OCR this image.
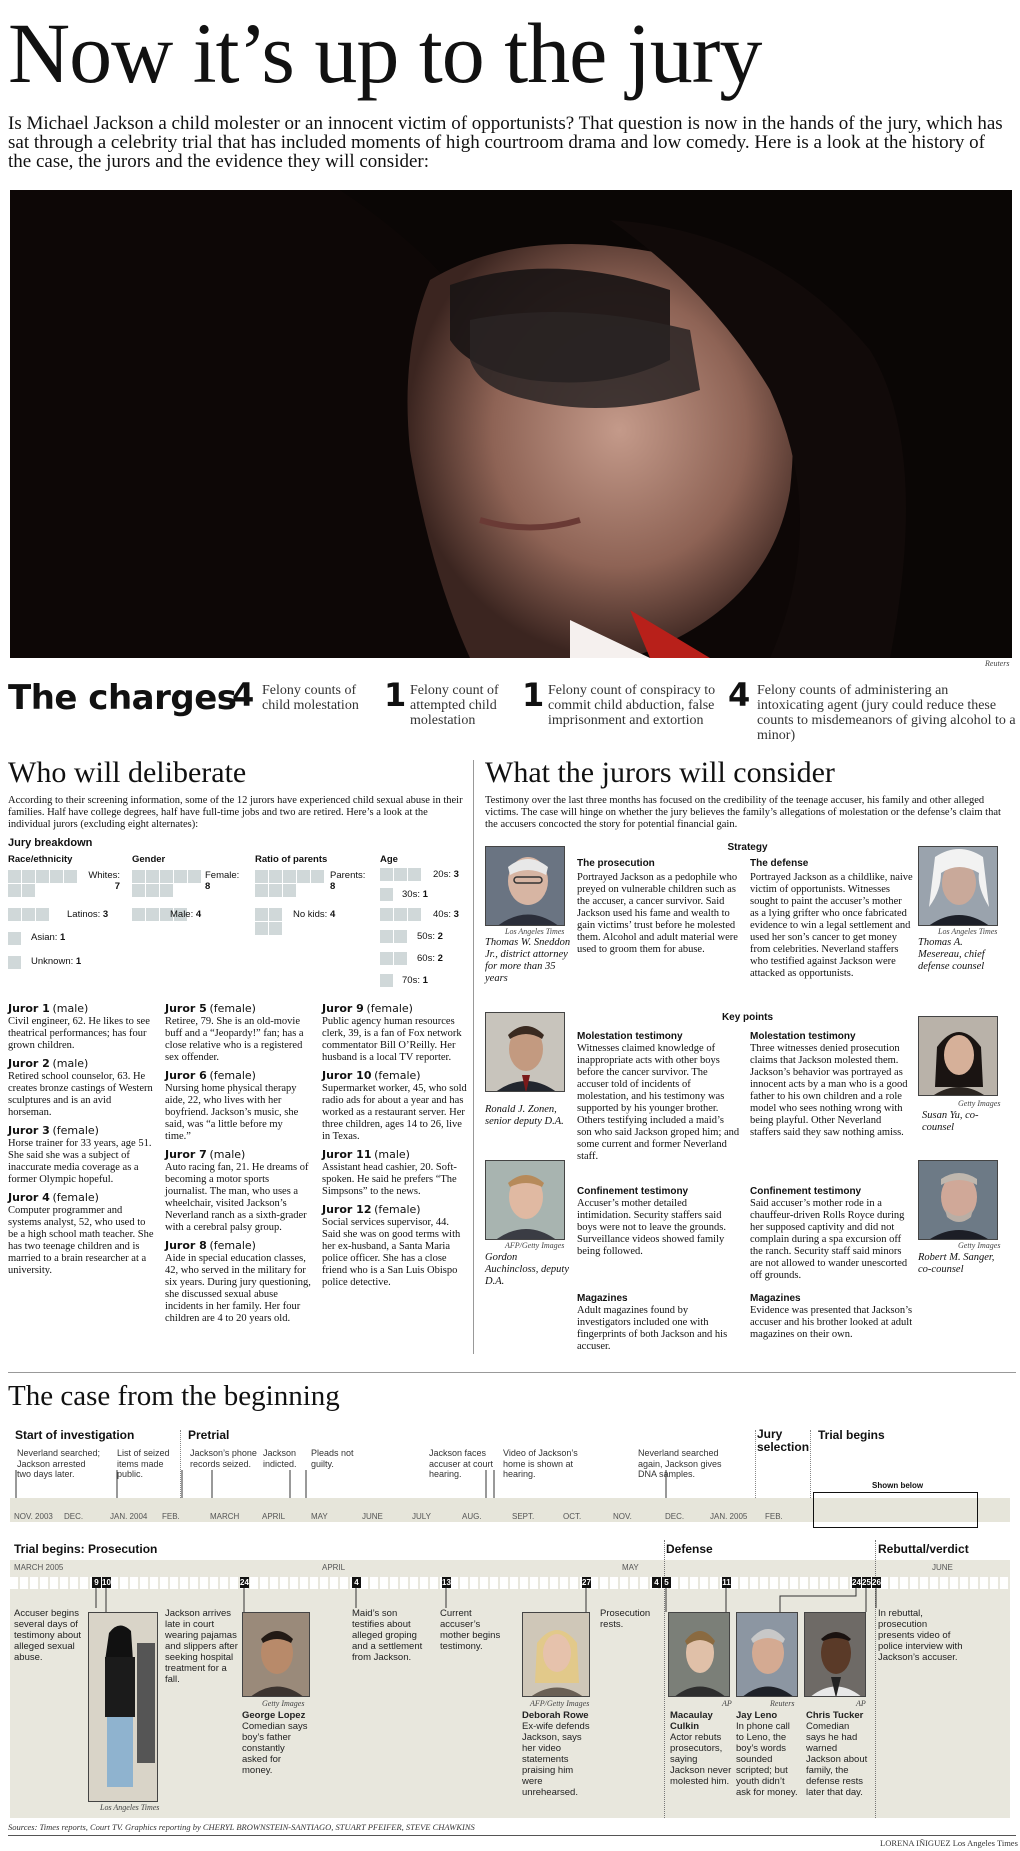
Now it’s up to the jury
Is Michael Jackson a child molester or an innocent victim of opportunists? That question is now in the hands of the jury, which has sat through a celebrity trial that has included moments of high courtroom drama and low comedy. Here is a look at the history of the case, the jurors and the evidence they will consider:
Reuters
The charges
4 Felony counts of child molestation 1 Felony count of attempted child molestation
1 Felony count of conspiracy to commit child abduction, false imprisonment and extortion
4 Felony counts of administering an intoxicating agent (jury could reduce these counts to misdemeanors of giving alcohol to a minor)
Who will deliberate
According to their screening information, some of the 12 jurors have experienced child sexual abuse in their families. Half have college degrees, half have full-time jobs and two are retired. Here’s a look at the individual jurors (excluding eight alternates):
Jury breakdown
Race/ethnicity	Gender	Ratio of parents	Age
Whites:
7
Latinos: 3
Asian: 1
Unknown: 1
Female:
8
Male: 4
Parents:
8
No kids: 4
20s: 3
30s: 1
40s: 3
50s: 2
60s: 2
70s: 1
Juror 1 (male)
Civil engineer, 62. He likes to see theatrical performances; has four grown children.
Juror 2 (male)
Retired school counselor, 63. He creates bronze castings of Western sculptures and is an avid horseman.
Juror 3 (female)
Horse trainer for 33 years, age 51. She said she was a subject of inaccurate media coverage as a former Olympic hopeful.
Juror 4 (female)
Computer programmer and systems analyst, 52, who used to be a high school math teacher. She has two teenage children and is married to a brain researcher at a university.
Juror 5 (female)
Retiree, 79. She is an old-movie buff and a “Jeopardy!” fan; has a close relative who is a registered sex offender.
Juror 6 (female)
Nursing home physical therapy aide, 22, who lives with her boyfriend. Jackson’s music, she said, was “a little before my time.”
Juror 7 (male)
Auto racing fan, 21. He dreams of becoming a motor sports journalist. The man, who uses a wheelchair, visited Jackson’s Neverland ranch as a sixth-grader with a cerebral palsy group.
Juror 8 (female)
Aide in special education classes, 42, who served in the military for six years. During jury questioning, she discussed sexual abuse incidents in her family. Her four children are 4 to 20 years old.
Juror 9 (female)
Public agency human resources clerk, 39, is a fan of Fox network commentator Bill O’Reilly. Her husband is a local TV reporter.
Juror 10 (female)
Supermarket worker, 45, who sold radio ads for about a year and has worked as a restaurant server. Her three children, ages 14 to 26, live in Texas.
Juror 11 (male)
Assistant head cashier, 20. Soft-spoken. He said he prefers “The Simpsons” to the news.
Juror 12 (female)
Social services supervisor, 44. Said she was on good terms with her ex-husband, a Santa Maria police officer. She has a close friend who is a San Luis Obispo police detective.
What the jurors will consider
Testimony over the last three months has focused on the credibility of the teenage accuser, his family and other alleged victims. The case will hinge on whether the jury believes the family’s allegations of molestation or the defense’s claim that the accusers concocted the story for potential financial gain.
Strategy
Los Angeles Times
Thomas W. Sneddon Jr., district attorney for more than 35 years
The prosecution
Portrayed Jackson as a pedophile who preyed on vulnerable children such as the accuser, a cancer survivor. Said Jackson used his fame and wealth to gain victims’ trust before he molested them. Alcohol and adult material were used to groom them for abuse.
The defense
Portrayed Jackson as a childlike, naive victim of opportunists. Witnesses sought to paint the accuser’s mother as a lying grifter who once fabricated evidence to win a legal settlement and used her son’s cancer to get money from celebrities. Neverland staffers who testified against Jackson were attacked as opportunists.
Los Angeles Times
Thomas A. Mesereau, chief defense counsel
Key points
Ronald J. Zonen, senior deputy D.A.
Molestation testimony
Witnesses claimed knowledge of inappropriate acts with other boys before the cancer survivor. The accuser told of incidents of molestation, and his testimony was supported by his younger brother. Others testifying included a maid’s son who said Jackson groped him; and some current and former Neverland staff.
Molestation testimony
Three witnesses denied prosecution claims that Jackson molested them. Jackson’s behavior was portrayed as innocent acts by a man who is a good father to his own children and a role model who sees nothing wrong with being playful. Other Neverland staffers said they saw nothing amiss.
Getty Images
Susan Yu, co-counsel
AFP/Getty Images
Gordon Auchincloss, deputy D.A.
Confinement testimony
Accuser’s mother detailed intimidation. Security staffers said boys were not to leave the grounds. Surveillance videos showed family being followed.
Confinement testimony
Said accuser’s mother rode in a chauffeur-driven Rolls Royce during her supposed captivity and did not complain during a spa excursion off the ranch. Security staff said minors are not allowed to wander unescorted off grounds.
Getty Images
Robert M. Sanger, co-counsel
Magazines
Adult magazines found by investigators included one with fingerprints of both Jackson and his accuser.
Magazines
Evidence was presented that Jackson’s accuser and his brother looked at adult magazines on their own.
The case from the beginning
Start of investigation	Pretrial	Jury selection
Trial begins
Neverland searched; Jackson arrested two days later.
List of seized items made public.
Jackson’s phone records seized.
Jackson indicted.
Pleads not guilty.
Jackson faces accuser at court hearing.
Video of Jackson’s home is shown at hearing.
Neverland searched again, Jackson gives DNA samples.
NOV. 2003 DEC.	JAN. 2004 FEB.	MARCH	APRIL	MAY	JUNE	JULY	AUG.	SEPT.	OCT.	NOV.	DEC.	JAN. 2005 FEB.
Shown below
Trial begins: Prosecution	Defense	Rebuttal/verdict
MARCH 2005	APRIL	MAY	JUNE
9 10	24	4	13	27	4 5	11	24 25 26
Accuser begins several days of testimony about alleged sexual abuse.
Los Angeles Times
Jackson arrives late in court wearing pajamas and slippers after seeking hospital treatment for a fall.
Getty Images
George Lopez
Comedian says boy’s father constantly asked for money.
Maid’s son testifies about alleged groping and a settlement from Jackson.
Current accuser’s mother begins testimony.
AFP/Getty Images
Deborah Rowe
Ex-wife defends Jackson, says her video statements praising him were unrehearsed.
Prosecution rests.
AP
Macaulay Culkin
Actor rebuts prosecutors, saying Jackson never molested him.
Reuters
Jay Leno
In phone call to Leno, the boy’s words sounded scripted; but youth didn’t ask for money.
AP
Chris Tucker
Comedian says he had warned Jackson about family, the defense rests later that day.
In rebuttal, prosecution presents video of police interview with Jackson’s accuser.
Sources: Times reports, Court TV. Graphics reporting by CHERYL BROWNSTEIN-SANTIAGO, STUART PFEIFER, STEVE CHAWKINS
LORENA IÑIGUEZ Los Angeles Times
